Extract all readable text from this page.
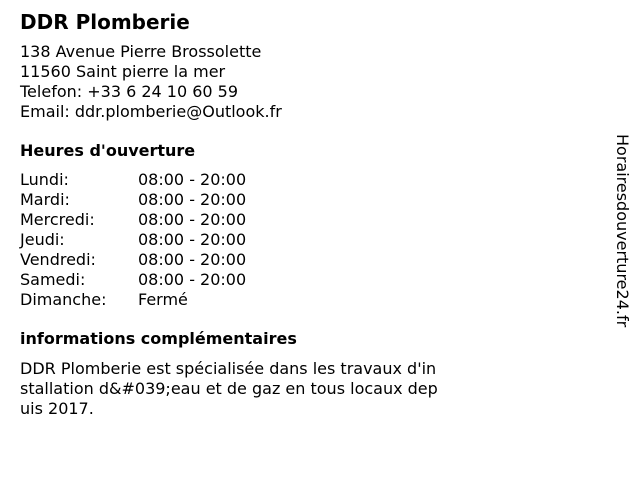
DDR Plomberie
138 Avenue Pierre Brossolette
11560 Saint pierre la mer
Telefon: +33 6 24 10 60 59
Email: ddr.plomberie@Outlook.fr
Heures d'ouverture
Lundi:	08:00 - 20:00
Mardi:	08:00 - 20:00
Mercredi:	08:00 - 20:00
Jeudi:	08:00 - 20:00
Vendredi:	08:00 - 20:00
Samedi:	08:00 - 20:00
Dimanche:	Fermé
informations complémentaires
DDR Plomberie est spécialisée dans les travaux d'installation d&#039;eau et de gaz en tous locaux depuis 2017.
Horairesdouverture24.fr
